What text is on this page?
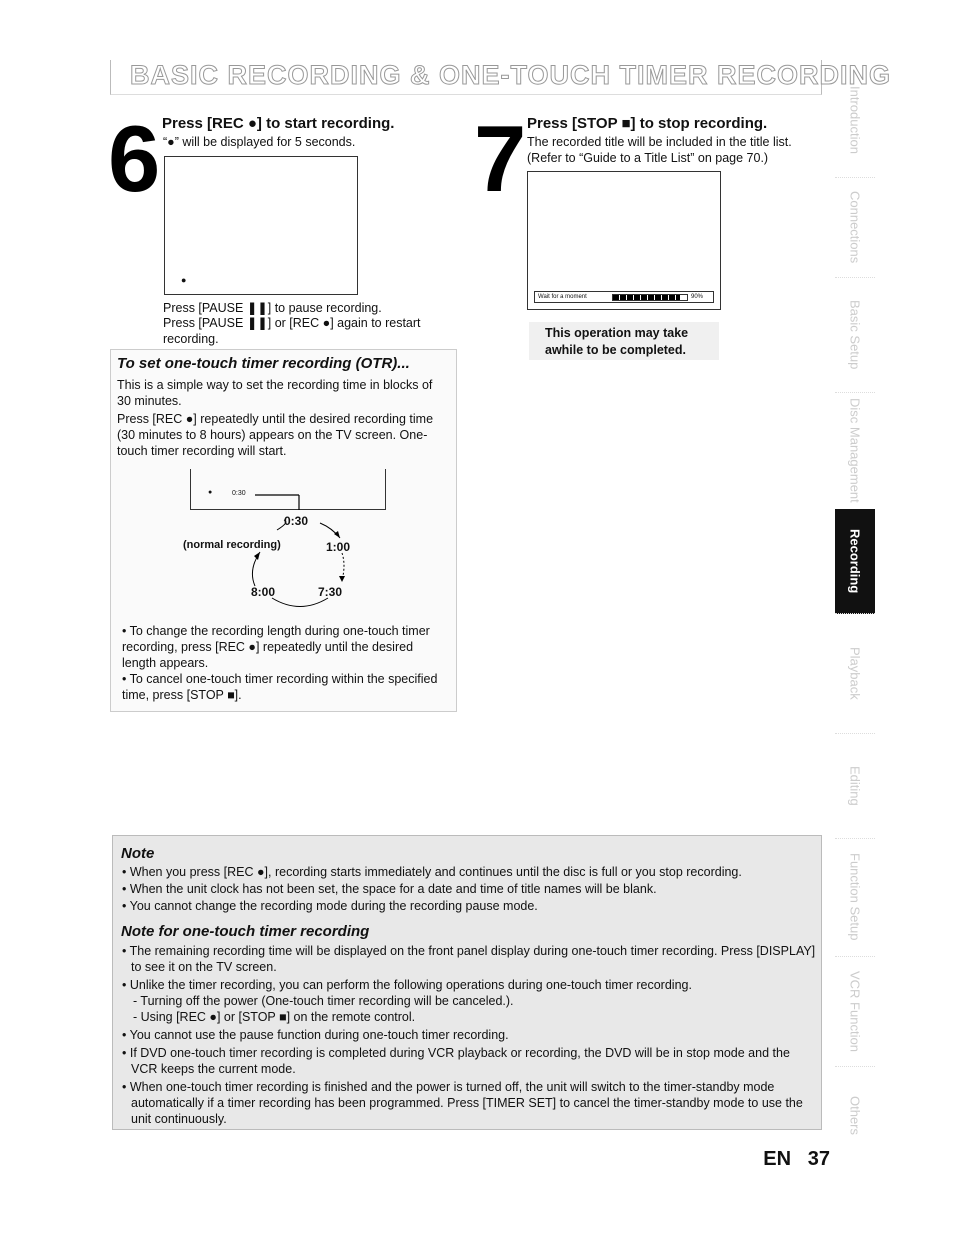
BASIC RECORDING & ONE-TOUCH TIMER RECORDING
6 Press [REC ●] to start recording.
“●” will be displayed for 5 seconds.
●
Press [PAUSE ❚❚] to pause recording.
Press [PAUSE ❚❚] or [REC ●] again to restart
recording.
7 Press [STOP ■] to stop recording.
The recorded title will be included in the title list.
(Refer to “Guide to a Title List” on page 70.)
Wait for a moment	90%
This operation may take
awhile to be completed.
To set one-touch timer recording (OTR)...
This is a simple way to set the recording time in blocks of 30 minutes.
Press [REC ●] repeatedly until the desired recording time (30 minutes to 8 hours) appears on the TV screen. One-touch timer recording will start.
●	0:30
0:30
(normal recording)	1:00
8:00	7:30
• To change the recording length during one-touch timer recording, press [REC ●] repeatedly until the desired length appears.
• To cancel one-touch timer recording within the specified time, press [STOP ■].
Note

• When you press [REC ●], recording starts immediately and continues until the disc is full or you stop recording.

• When the unit clock has not been set, the space for a date and time of title names will be blank.

• You cannot change the recording mode during the recording pause mode.

Note for one-touch timer recording

• The remaining recording time will be displayed on the front panel display during one-touch timer recording. Press [DISPLAY] to see it on the TV screen.

• Unlike the timer recording, you can perform the following operations during one-touch timer recording.

- Turning off the power (One-touch timer recording will be canceled.).

- Using [REC ●] or [STOP ■] on the remote control.

• You cannot use the pause function during one-touch timer recording.

• If DVD one-touch timer recording is completed during VCR playback or recording, the DVD will be in stop mode and the VCR keeps the current mode.

• When one-touch timer recording is finished and the power is turned off, the unit will switch to the timer-standby mode automatically if a timer recording has been programmed. Press [TIMER SET] to cancel the timer-standby mode to use the unit continuously.

Introduction
Connections
Basic Setup
Disc Management
Recording
Playback
Editing
Function Setup
VCR Function
Others
EN 37
